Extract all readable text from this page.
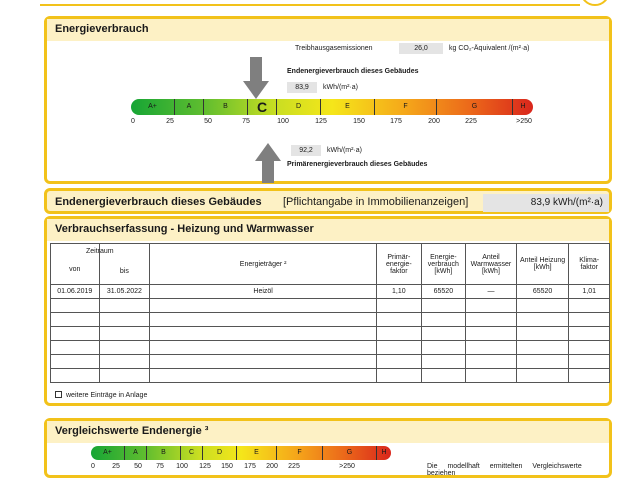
Energieverbrauch
Treibhausgasemissionen	26,0	kg CO₂-Äquivalent /(m²·a)
Endenergieverbrauch dieses Gebäudes
83,9	kWh/(m²·a)
A+	A	B	C	D	E	F	G	H
0	25	50	75	100	125	150	175	200	225	>250
92,2	kWh/(m²·a)
Primärenergieverbrauch dieses Gebäudes
Endenergieverbrauch dieses Gebäudes [Pflichtangabe in Immobilienanzeigen]	83,9 kWh/(m²·a)
Verbrauchserfassung - Heizung und Warmwasser
Zeitraum
von	bis	Energieträger ²	Primär-energie-faktor	Energie-verbrauch [kWh]	Anteil Warmwasser [kWh]	Anteil Heizung [kWh]	Klima-faktor
01.06.2019	31.05.2022	Heizöl	1,10	65520	—	65520	1,01

weitere Einträge in Anlage
Vergleichswerte Endenergie ³
A+	A	B	C	D	E	F	G	H
0 25 50 75 100 125 150 175 200 225	>250	Die modellhaft ermittelten Vergleichswerte beziehen
